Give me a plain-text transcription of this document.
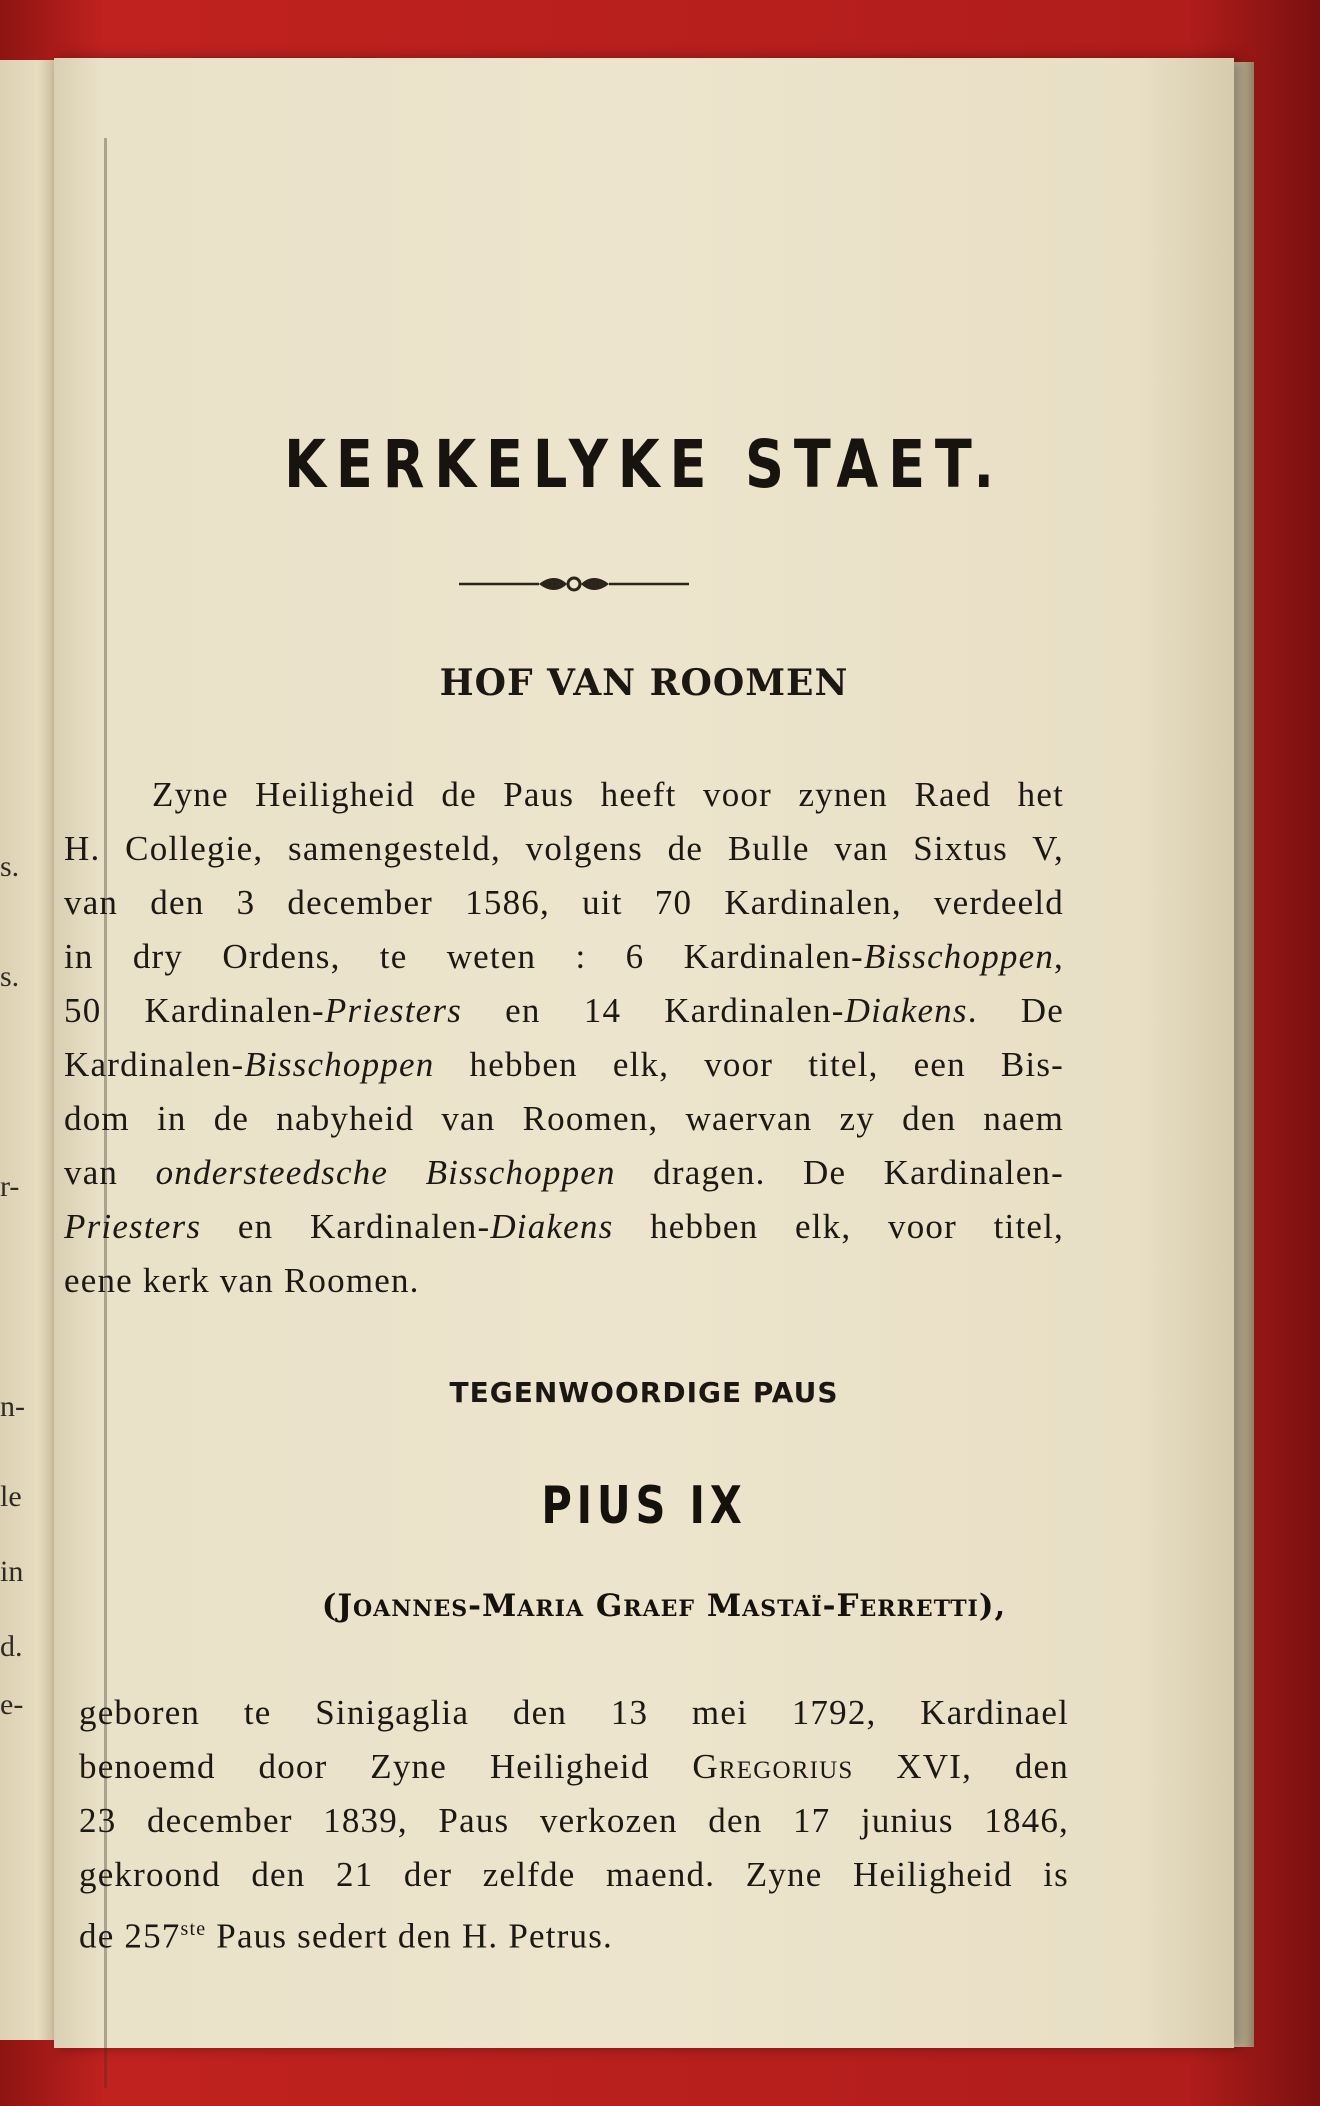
s.
s.
r-
n-
le
in
d.
e-
KERKELYKE STAET.
HOF VAN ROOMEN
Zyne Heiligheid de Paus heeft voor zynen Raed het
H. Collegie, samengesteld, volgens de Bulle van Sixtus V,
van den 3 december 1586, uit 70 Kardinalen, verdeeld
in dry Ordens, te weten : 6 Kardinalen-Bisschoppen,
50 Kardinalen-Priesters en 14 Kardinalen-Diakens. De
Kardinalen-Bisschoppen hebben elk, voor titel, een Bis-
dom in de nabyheid van Roomen, waervan zy den naem
van ondersteedsche Bisschoppen dragen. De Kardinalen-
Priesters en Kardinalen-Diakens hebben elk, voor titel,
eene kerk van Roomen.
TEGENWOORDIGE PAUS
PIUS IX
(Joannes-Maria Graef Mastaï-Ferretti),
geboren te Sinigaglia den 13 mei 1792, Kardinael
benoemd door Zyne Heiligheid Gregorius XVI, den
23 december 1839, Paus verkozen den 17 junius 1846,
gekroond den 21 der zelfde maend. Zyne Heiligheid is
de 257ste Paus sedert den H. Petrus.
